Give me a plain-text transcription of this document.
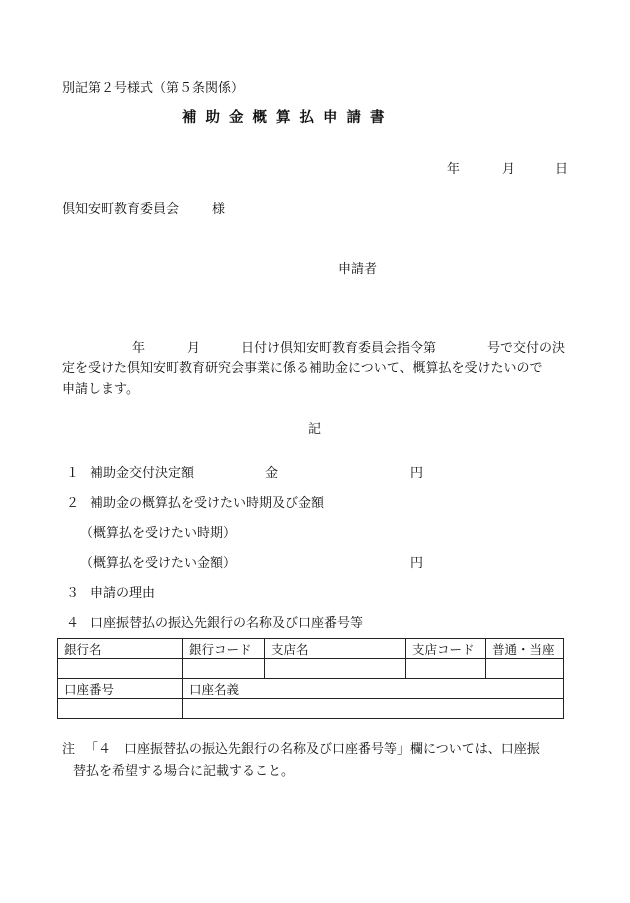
別記第２号様式（第５条関係）
補助金概算払申請書
年	月	日
倶知安町教育委員会	様
申請者
年	月	日付け倶知安町教育委員会指令第	号で交付の決
定を受けた倶知安町教育研究会事業に係る補助金について、概算払を受けたいので
申請します。
記
１ 補助金交付決定額	金	円
２ 補助金の概算払を受けたい時期及び金額
（概算払を受けたい時期）
（概算払を受けたい金額）	円
３ 申請の理由
４ 口座振替払の振込先銀行の名称及び口座番号等
銀行名	銀行コード	支店名	支店コード	普通・当座

口座番号	口座名義			

注 「４　口座振替払の振込先銀行の名称及び口座番号等」欄については、口座振
替払を希望する場合に記載すること。
